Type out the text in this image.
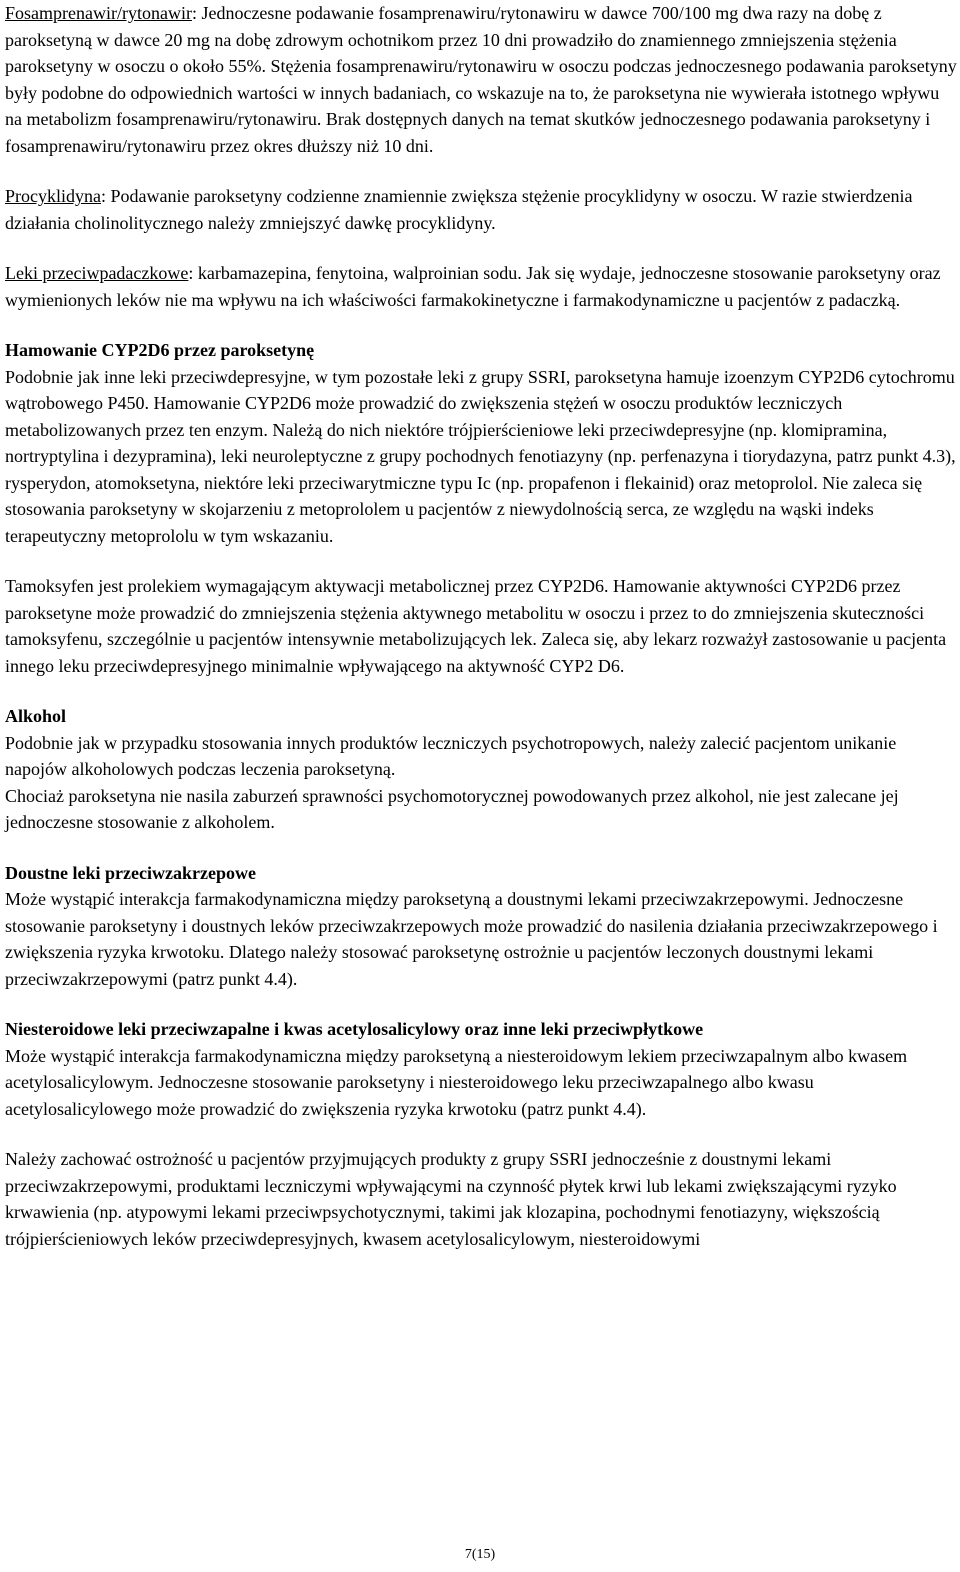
Fosamprenawir/rytonawir: Jednoczesne podawanie fosamprenawiru/rytonawiru w dawce 700/100 mg dwa razy na dobę z paroksetyną w dawce 20 mg na dobę zdrowym ochotnikom przez 10 dni prowadziło do znamiennego zmniejszenia stężenia paroksetyny w osoczu o około 55%. Stężenia fosamprenawiru/rytonawiru w osoczu podczas jednoczesnego podawania paroksetyny były podobne do odpowiednich wartości w innych badaniach, co wskazuje na to, że paroksetyna nie wywierała istotnego wpływu na metabolizm fosamprenawiru/rytonawiru. Brak dostępnych danych na temat skutków jednoczesnego podawania paroksetyny i fosamprenawiru/rytonawiru przez okres dłuższy niż 10 dni.

Procyklidyna: Podawanie paroksetyny codzienne znamiennie zwiększa stężenie procyklidyny w osoczu. W razie stwierdzenia działania cholinolitycznego należy zmniejszyć dawkę procyklidyny.

Leki przeciwpadaczkowe: karbamazepina, fenytoina, walproinian sodu. Jak się wydaje, jednoczesne stosowanie paroksetyny oraz wymienionych leków nie ma wpływu na ich właściwości farmakokinetyczne i farmakodynamiczne u pacjentów z padaczką.

Hamowanie CYP2D6 przez paroksetynę

Podobnie jak inne leki przeciwdepresyjne, w tym pozostałe leki z grupy SSRI, paroksetyna hamuje izoenzym CYP2D6 cytochromu wątrobowego P450. Hamowanie CYP2D6 może prowadzić do zwiększenia stężeń w osoczu produktów leczniczych metabolizowanych przez ten enzym. Należą do nich niektóre trójpierścieniowe leki przeciwdepresyjne (np. klomipramina, nortryptylina i dezypramina), leki neuroleptyczne z grupy pochodnych fenotiazyny (np. perfenazyna i tiorydazyna, patrz punkt 4.3), rysperydon, atomoksetyna, niektóre leki przeciwarytmiczne typu Ic (np. propafenon i flekainid) oraz metoprolol. Nie zaleca się stosowania paroksetyny w skojarzeniu z metoprololem u pacjentów z niewydolnością serca, ze względu na wąski indeks terapeutyczny metoprololu w tym wskazaniu.

Tamoksyfen jest prolekiem wymagającym aktywacji metabolicznej przez CYP2D6. Hamowanie aktywności CYP2D6 przez paroksetyne może prowadzić do zmniejszenia stężenia aktywnego metabolitu w osoczu i przez to do zmniejszenia skuteczności tamoksyfenu, szczególnie u pacjentów intensywnie metabolizujących lek. Zaleca się, aby lekarz rozważył zastosowanie u pacjenta innego leku przeciwdepresyjnego minimalnie wpływającego na aktywność CYP2 D6.

Alkohol

Podobnie jak w przypadku stosowania innych produktów leczniczych psychotropowych, należy zalecić pacjentom unikanie napojów alkoholowych podczas leczenia paroksetyną.

Chociaż paroksetyna nie nasila zaburzeń sprawności psychomotorycznej powodowanych przez alkohol, nie jest zalecane jej jednoczesne stosowanie z alkoholem.

Doustne leki przeciwzakrzepowe

Może wystąpić interakcja farmakodynamiczna między paroksetyną a doustnymi lekami przeciwzakrzepowymi. Jednoczesne stosowanie paroksetyny i doustnych leków przeciwzakrzepowych może prowadzić do nasilenia działania przeciwzakrzepowego i zwiększenia ryzyka krwotoku. Dlatego należy stosować paroksetynę ostrożnie u pacjentów leczonych doustnymi lekami przeciwzakrzepowymi (patrz punkt 4.4).

Niesteroidowe leki przeciwzapalne i kwas acetylosalicylowy oraz inne leki przeciwpłytkowe

Może wystąpić interakcja farmakodynamiczna między paroksetyną a niesteroidowym lekiem przeciwzapalnym albo kwasem acetylosalicylowym. Jednoczesne stosowanie paroksetyny i niesteroidowego leku przeciwzapalnego albo kwasu acetylosalicylowego może prowadzić do zwiększenia ryzyka krwotoku (patrz punkt 4.4).

Należy zachować ostrożność u pacjentów przyjmujących produkty z grupy SSRI jednocześnie z doustnymi lekami przeciwzakrzepowymi, produktami leczniczymi wpływającymi na czynność płytek krwi lub lekami zwiększającymi ryzyko krwawienia (np. atypowymi lekami przeciwpsychotycznymi, takimi jak klozapina, pochodnymi fenotiazyny, większością trójpierścieniowych leków przeciwdepresyjnych, kwasem acetylosalicylowym, niesteroidowymi

7(15)
